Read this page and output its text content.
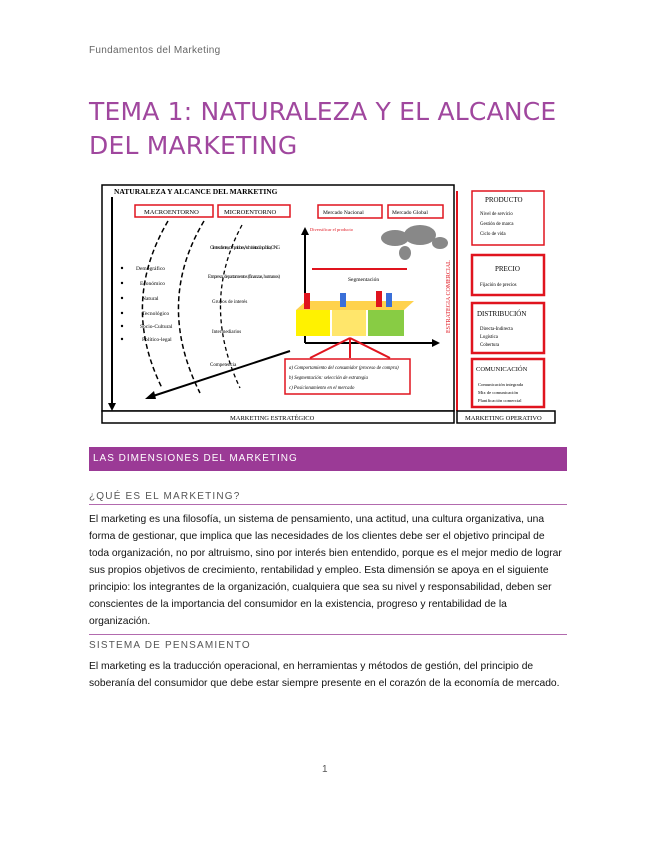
Fundamentos del Marketing
TEMA 1: NATURALEZA Y EL ALCANCE DEL MARKETING
NATURALEZA Y ALCANCE DEL MARKETING
MACROENTORNO	MICROENTORNO
Demográfico
Económico
Natural
Tecnológico
Socio-Cultural
Político-legal
Clientes: clientes, competidores, Administración pública, ONG
Empresa: departamentos (finanzas, humanos)
Grupos de interés
Intermediarios
Competencia
Mercado Nacional	Mercado Global
Diversificar el producto
Segmentación	ESTRATEGIA COMERCIAL
a) Comportamiento del consumidor (proceso de compra)
b) Segmentación: selección de estrategia
c) Posicionamiento en el mercado
PRODUCTO
Nivel de servicio
Gestión de marca
Ciclo de vida
PRECIO
Fijación de precios
DISTRIBUCIÓN
Directa-Indirecta
Logística
Cobertura
COMUNICACIÓN
Comunicación integrada
Mix de comunicación
Planificación comercial
MARKETING ESTRATÉGICO	MARKETING OPERATIVO
LAS DIMENSIONES DEL MARKETING
¿QUÉ ES EL MARKETING?

El marketing es una filosofía, un sistema de pensamiento, una actitud, una cultura organizativa, una forma de gestionar, que implica que las necesidades de los clientes debe ser el objetivo principal de toda organización, no por altruismo, sino por interés bien entendido, porque es el mejor medio de lograr sus propios objetivos de crecimiento, rentabilidad y empleo. Esta dimensión se apoya en el siguiente principio: los integrantes de la organización, cualquiera que sea su nivel y responsabilidad, deben ser conscientes de la importancia del consumidor en la existencia, progreso y rentabilidad de la organización.

SISTEMA DE PENSAMIENTO

El marketing es la traducción operacional, en herramientas y métodos de gestión, del principio de soberanía del consumidor que debe estar siempre presente en el corazón de la economía de mercado.

1
